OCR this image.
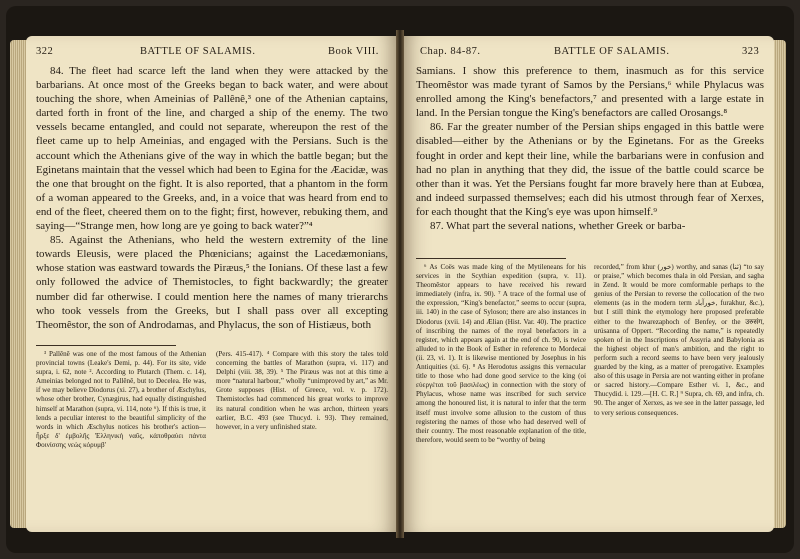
322	BATTLE OF SALAMIS.	Book VIII.

84. The fleet had scarce left the land when they were attacked by the barbarians. At once most of the Greeks began to back water, and were about touching the shore, when Ameinias of Pallênê,³ one of the Athenian captains, darted forth in front of the line, and charged a ship of the enemy. The two vessels became entangled, and could not separate, whereupon the rest of the fleet came up to help Ameinias, and engaged with the Persians. Such is the account which the Athenians give of the way in which the battle began; but the Eginetans maintain that the vessel which had been to Egina for the Æacidæ, was the one that brought on the fight. It is also reported, that a phantom in the form of a woman appeared to the Greeks, and, in a voice that was heard from end to end of the fleet, cheered them on to the fight; first, however, rebuking them, and saying—“Strange men, how long are ye going to back water?”⁴

85. Against the Athenians, who held the western extremity of the line towards Eleusis, were placed the Phœnicians; against the Lacedæmonians, whose station was eastward towards the Piræus,⁵ the Ionians. Of these last a few only followed the advice of Themistocles, to fight backwardly; the greater number did far otherwise. I could mention here the names of many trierarchs who took vessels from the Greeks, but I shall pass over all excepting Theomêstor, the son of Androdamas, and Phylacus, the son of Histiæus, both

³ Pallênê was one of the most famous of the Athenian provincial towns (Leake's Demi, p. 44). For its site, vide supra, i. 62, note ². According to Plutarch (Them. c. 14), Ameinias belonged not to Pallênê, but to Decelea. He was, if we may believe Diodorus (xi. 27), a brother of Æschylus, whose other brother, Cynægirus, had equally distinguished himself at Marathon (supra, vi. 114, note ⁶). If this is true, it lends a peculiar interest to the beautiful simplicity of the words in which Æschylus notices his brother's action—ἦρξε δ' ἐμβολῆς Ἑλληνικὴ ναῦς, κἀποθραύει πάντα Φοινίσσης νεὼς κόρυμβ'

(Pers. 415-417). ⁴ Compare with this story the tales told concerning the battles of Marathon (supra, vi. 117) and Delphi (viii. 38, 39). ⁵ The Piræus was not at this time a more “natural harbour,” wholly “unimproved by art,” as Mr. Grote supposes (Hist. of Greece, vol. v. p. 172). Themistocles had commenced his great works to improve its natural condition when he was archon, thirteen years earlier, B.C. 493 (see Thucyd. i. 93). They remained, however, in a very unfinished state.

Chap. 84-87.	BATTLE OF SALAMIS.	323

Samians. I show this preference to them, inasmuch as for this service Theomêstor was made tyrant of Samos by the Persians,⁶ while Phylacus was enrolled among the King's benefactors,⁷ and presented with a large estate in land. In the Persian tongue the King's benefactors are called Orosangs.⁸

86. Far the greater number of the Persian ships engaged in this battle were disabled—either by the Athenians or by the Eginetans. For as the Greeks fought in order and kept their line, while the barbarians were in confusion and had no plan in anything that they did, the issue of the battle could scarce be other than it was. Yet the Persians fought far more bravely here than at Eubœa, and indeed surpassed themselves; each did his utmost through fear of Xerxes, for each thought that the King's eye was upon himself.⁹

87. What part the several nations, whether Greek or barba-

⁶ As Coës was made king of the Mytileneans for his services in the Scythian expedition (supra, v. 11). Theomêstor appears to have received his reward immediately (infra, ix. 90). ⁷ A trace of the formal use of the expression, “King's benefactor,” seems to occur (supra, iii. 140) in the case of Syloson; there are also instances in Diodorus (xvii. 14) and Ælian (Hist. Var. 40). The practice of inscribing the names of the royal benefactors in a register, which appears again at the end of ch. 90, is twice alluded to in the Book of Esther in reference to Mordecai (ii. 23, vi. 1). It is likewise mentioned by Josephus in his Antiquities (xi. 6). ⁸ As Herodotus assigns this vernacular title to those who had done good service to the king (οἱ εὐεργέται τοῦ βασιλέως) in connection with the story of Phylacus, whose name was inscribed for such service among the honoured list, it is natural to infer that the term itself must involve some allusion to the custom of thus registering the names of those who had deserved well of their country. The most reasonable explanation of the title, therefore, would seem to be “worthy of being

recorded,” from khur (خور) worthy, and sanas (ثنا) “to say or praise,” which becomes thala in old Persian, and sagha in Zend. It would be more comformable perhaps to the genius of the Persian to reverse the collocation of the two elements (as in the modern term خورآباد, furakhur, &c.), but I still think the etymology here proposed preferable either to the hwarezaphoch of Benfey, or the उरुसंग, urúsanna of Oppert. “Recording the name,” is repeatedly spoken of in the Inscriptions of Assyria and Babylonia as the highest object of man's ambition, and the right to perform such a record seems to have been very jealously guarded by the king, as a matter of prerogative. Examples also of this usage in Persia are not wanting either in profane or sacred history.—Compare Esther vi. 1, &c., and Thucydid. i. 129.—[H. C. R.] ⁹ Supra, ch. 69, and infra, ch. 90. The anger of Xerxes, as we see in the latter passage, led to very serious consequences.
